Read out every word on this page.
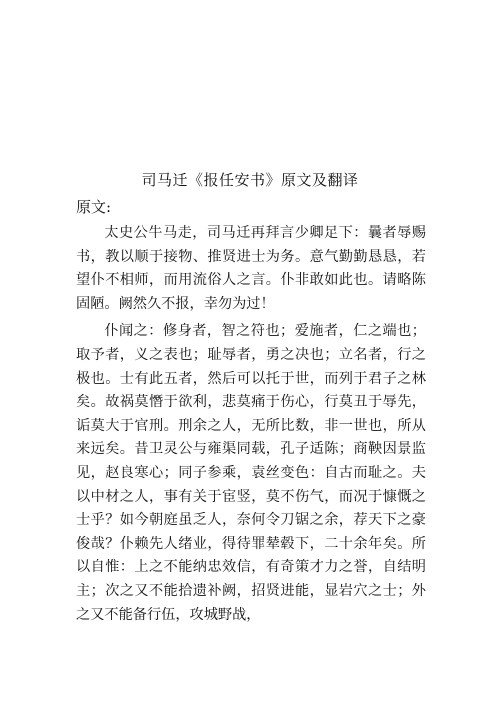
司马迁《报任安书》原文及翻译
原文:

太史公牛马走，司马迁再拜言少卿足下：曩者辱赐书，教以顺于接物、推贤进士为务。意气勤勤恳恳，若望仆不相师，而用流俗人之言。仆非敢如此也。请略陈固陋。阙然久不报，幸勿为过！

仆闻之：修身者，智之符也；爱施者，仁之端也；取予者，义之表也；耻辱者，勇之决也；立名者，行之极也。士有此五者，然后可以托于世，而列于君子之林矣。故祸莫憯于欲利，悲莫痛于伤心，行莫丑于辱先，诟莫大于官刑。刑余之人，无所比数，非一世也，所从来远矣。昔卫灵公与雍渠同载，孔子适陈；商鞅因景监见，赵良寒心；同子参乘，袁丝变色：自古而耻之。夫以中材之人，事有关于宦竖，莫不伤气，而况于慷慨之士乎？如今朝庭虽乏人，奈何令刀锯之余，荐天下之豪俊哉？仆赖先人绪业，得待罪辇毂下，二十余年矣。所以自惟：上之不能纳忠效信，有奇策才力之誉，自结明主；次之又不能拾遗补阙，招贤进能，显岩穴之士；外之又不能备行伍，攻城野战，
